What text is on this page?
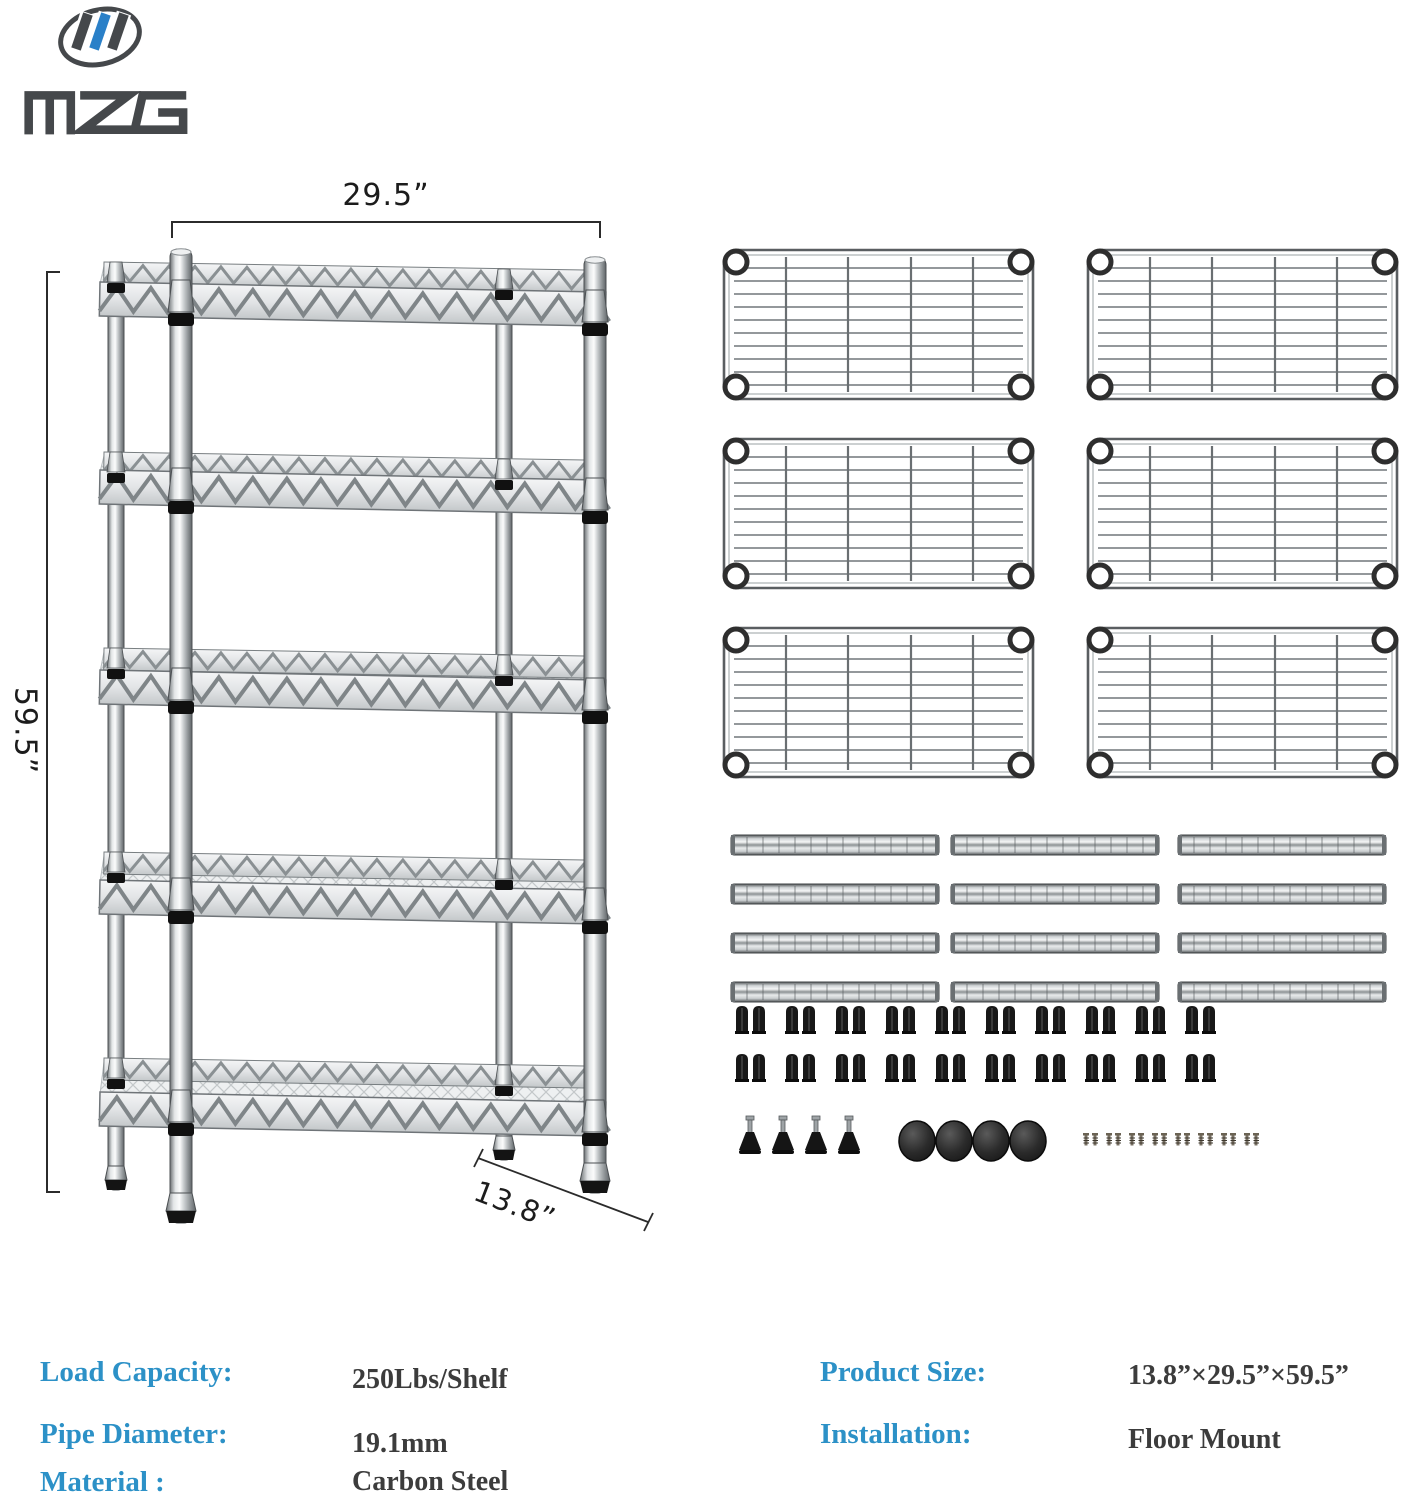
29.5”
59.5”
13.8”
Load Capacity:	250Lbs/Shelf
Pipe Diameter:	19.1mm
Material :	Carbon Steel
Product Size:	13.8”×29.5”×59.5”
Installation:	Floor Mount
